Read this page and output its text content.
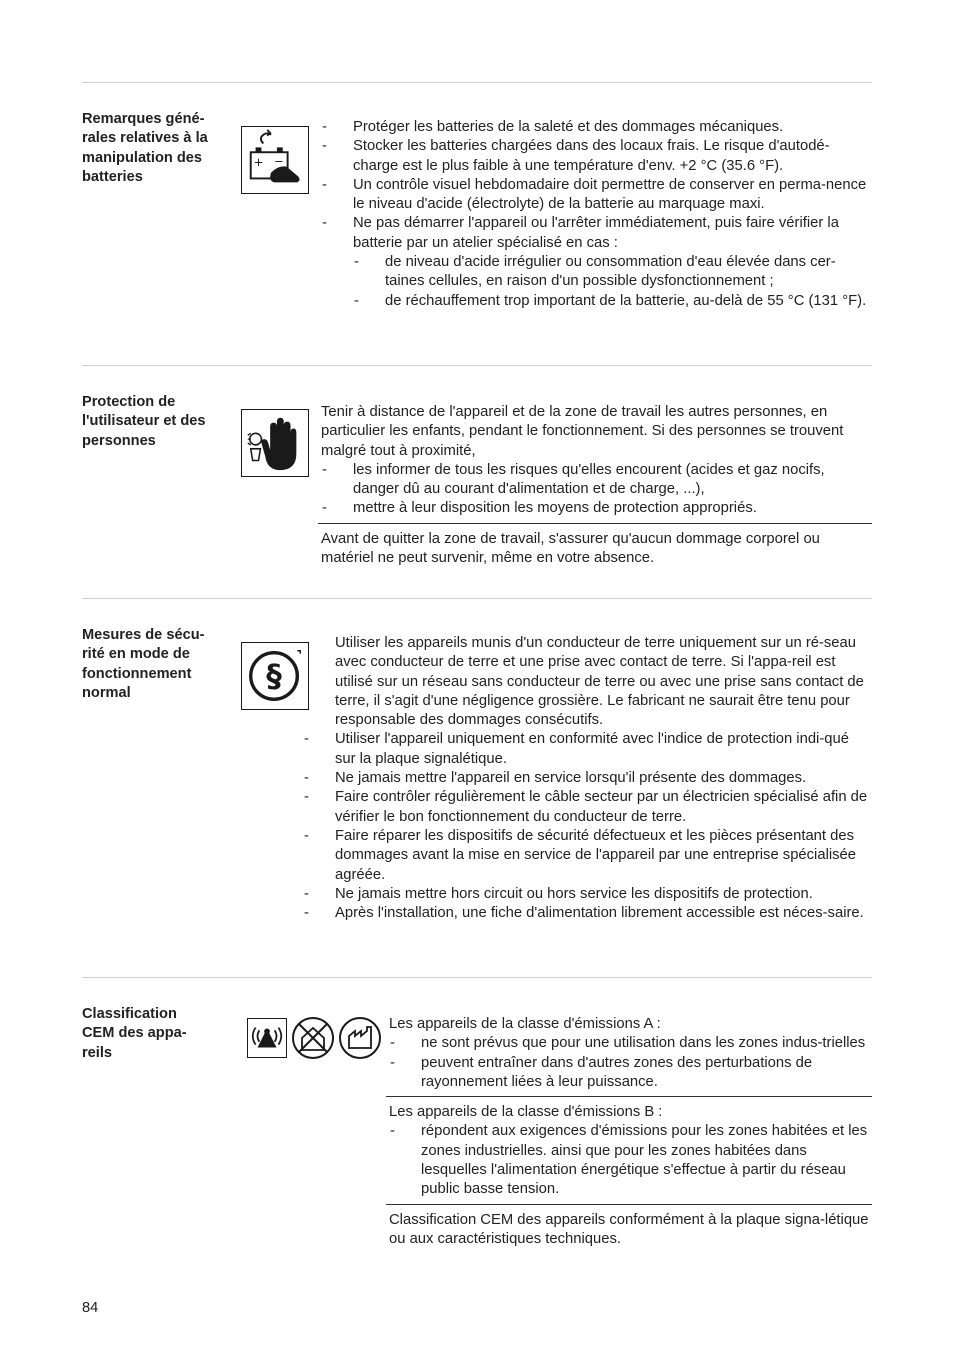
Remarques géné-
rales relatives à la
manipulation des
batteries
+ −
- Protéger les batteries de la saleté et des dommages mécaniques.
- Stocker les batteries chargées dans des locaux frais. Le risque d'autodé-charge est le plus faible à une température d'env. +2 °C (35.6 °F).
- Un contrôle visuel hebdomadaire doit permettre de conserver en perma-nence le niveau d'acide (électrolyte) de la batterie au marquage maxi.
- Ne pas démarrer l'appareil ou l'arrêter immédiatement, puis faire vérifier la batterie par un atelier spécialisé en cas :
- de niveau d'acide irrégulier ou consommation d'eau élevée dans cer-taines cellules, en raison d'un possible dysfonctionnement ;
- de réchauffement trop important de la batterie, au-delà de 55 °C (131 °F).
Protection de
l'utilisateur et des
personnes

Tenir à distance de l'appareil et de la zone de travail les autres personnes, en particulier les enfants, pendant le fonctionnement. Si des personnes se trouvent malgré tout à proximité,

- les informer de tous les risques qu'elles encourent (acides et gaz nocifs, danger dû au courant d'alimentation et de charge, ...),
- mettre à leur disposition les moyens de protection appropriés.
Avant de quitter la zone de travail, s'assurer qu'aucun dommage corporel ou matériel ne peut survenir, même en votre absence.
Mesures de sécu-
rité en mode de
fonctionnement
normal	§

Utiliser les appareils munis d'un conducteur de terre uniquement sur un ré-seau avec conducteur de terre et une prise avec contact de terre. Si l'appa-reil est utilisé sur un réseau sans conducteur de terre ou avec une prise sans contact de terre, il s'agit d'une négligence grossière. Le fabricant ne saurait être tenu pour responsable des dommages consécutifs.

- Utiliser l'appareil uniquement en conformité avec l'indice de protection indi-qué sur la plaque signalétique.
- Ne jamais mettre l'appareil en service lorsqu'il présente des dommages.
- Faire contrôler régulièrement le câble secteur par un électricien spécialisé afin de vérifier le bon fonctionnement du conducteur de terre.
- Faire réparer les dispositifs de sécurité défectueux et les pièces présentant des dommages avant la mise en service de l'appareil par une entreprise spécialisée agréée.
- Ne jamais mettre hors circuit ou hors service les dispositifs de protection.
- Après l'installation, une fiche d'alimentation librement accessible est néces-saire.
Classification
CEM des appa-
reils

Les appareils de la classe d'émissions A :

- ne sont prévus que pour une utilisation dans les zones indus-trielles
- peuvent entraîner dans d'autres zones des perturbations de rayonnement liées à leur puissance.

Les appareils de la classe d'émissions B :

- répondent aux exigences d'émissions pour les zones habitées et les zones industrielles. ainsi que pour les zones habitées dans lesquelles l'alimentation énergétique s'effectue à partir du réseau public basse tension.
Classification CEM des appareils conformément à la plaque signa-létique ou aux caractéristiques techniques.
84
